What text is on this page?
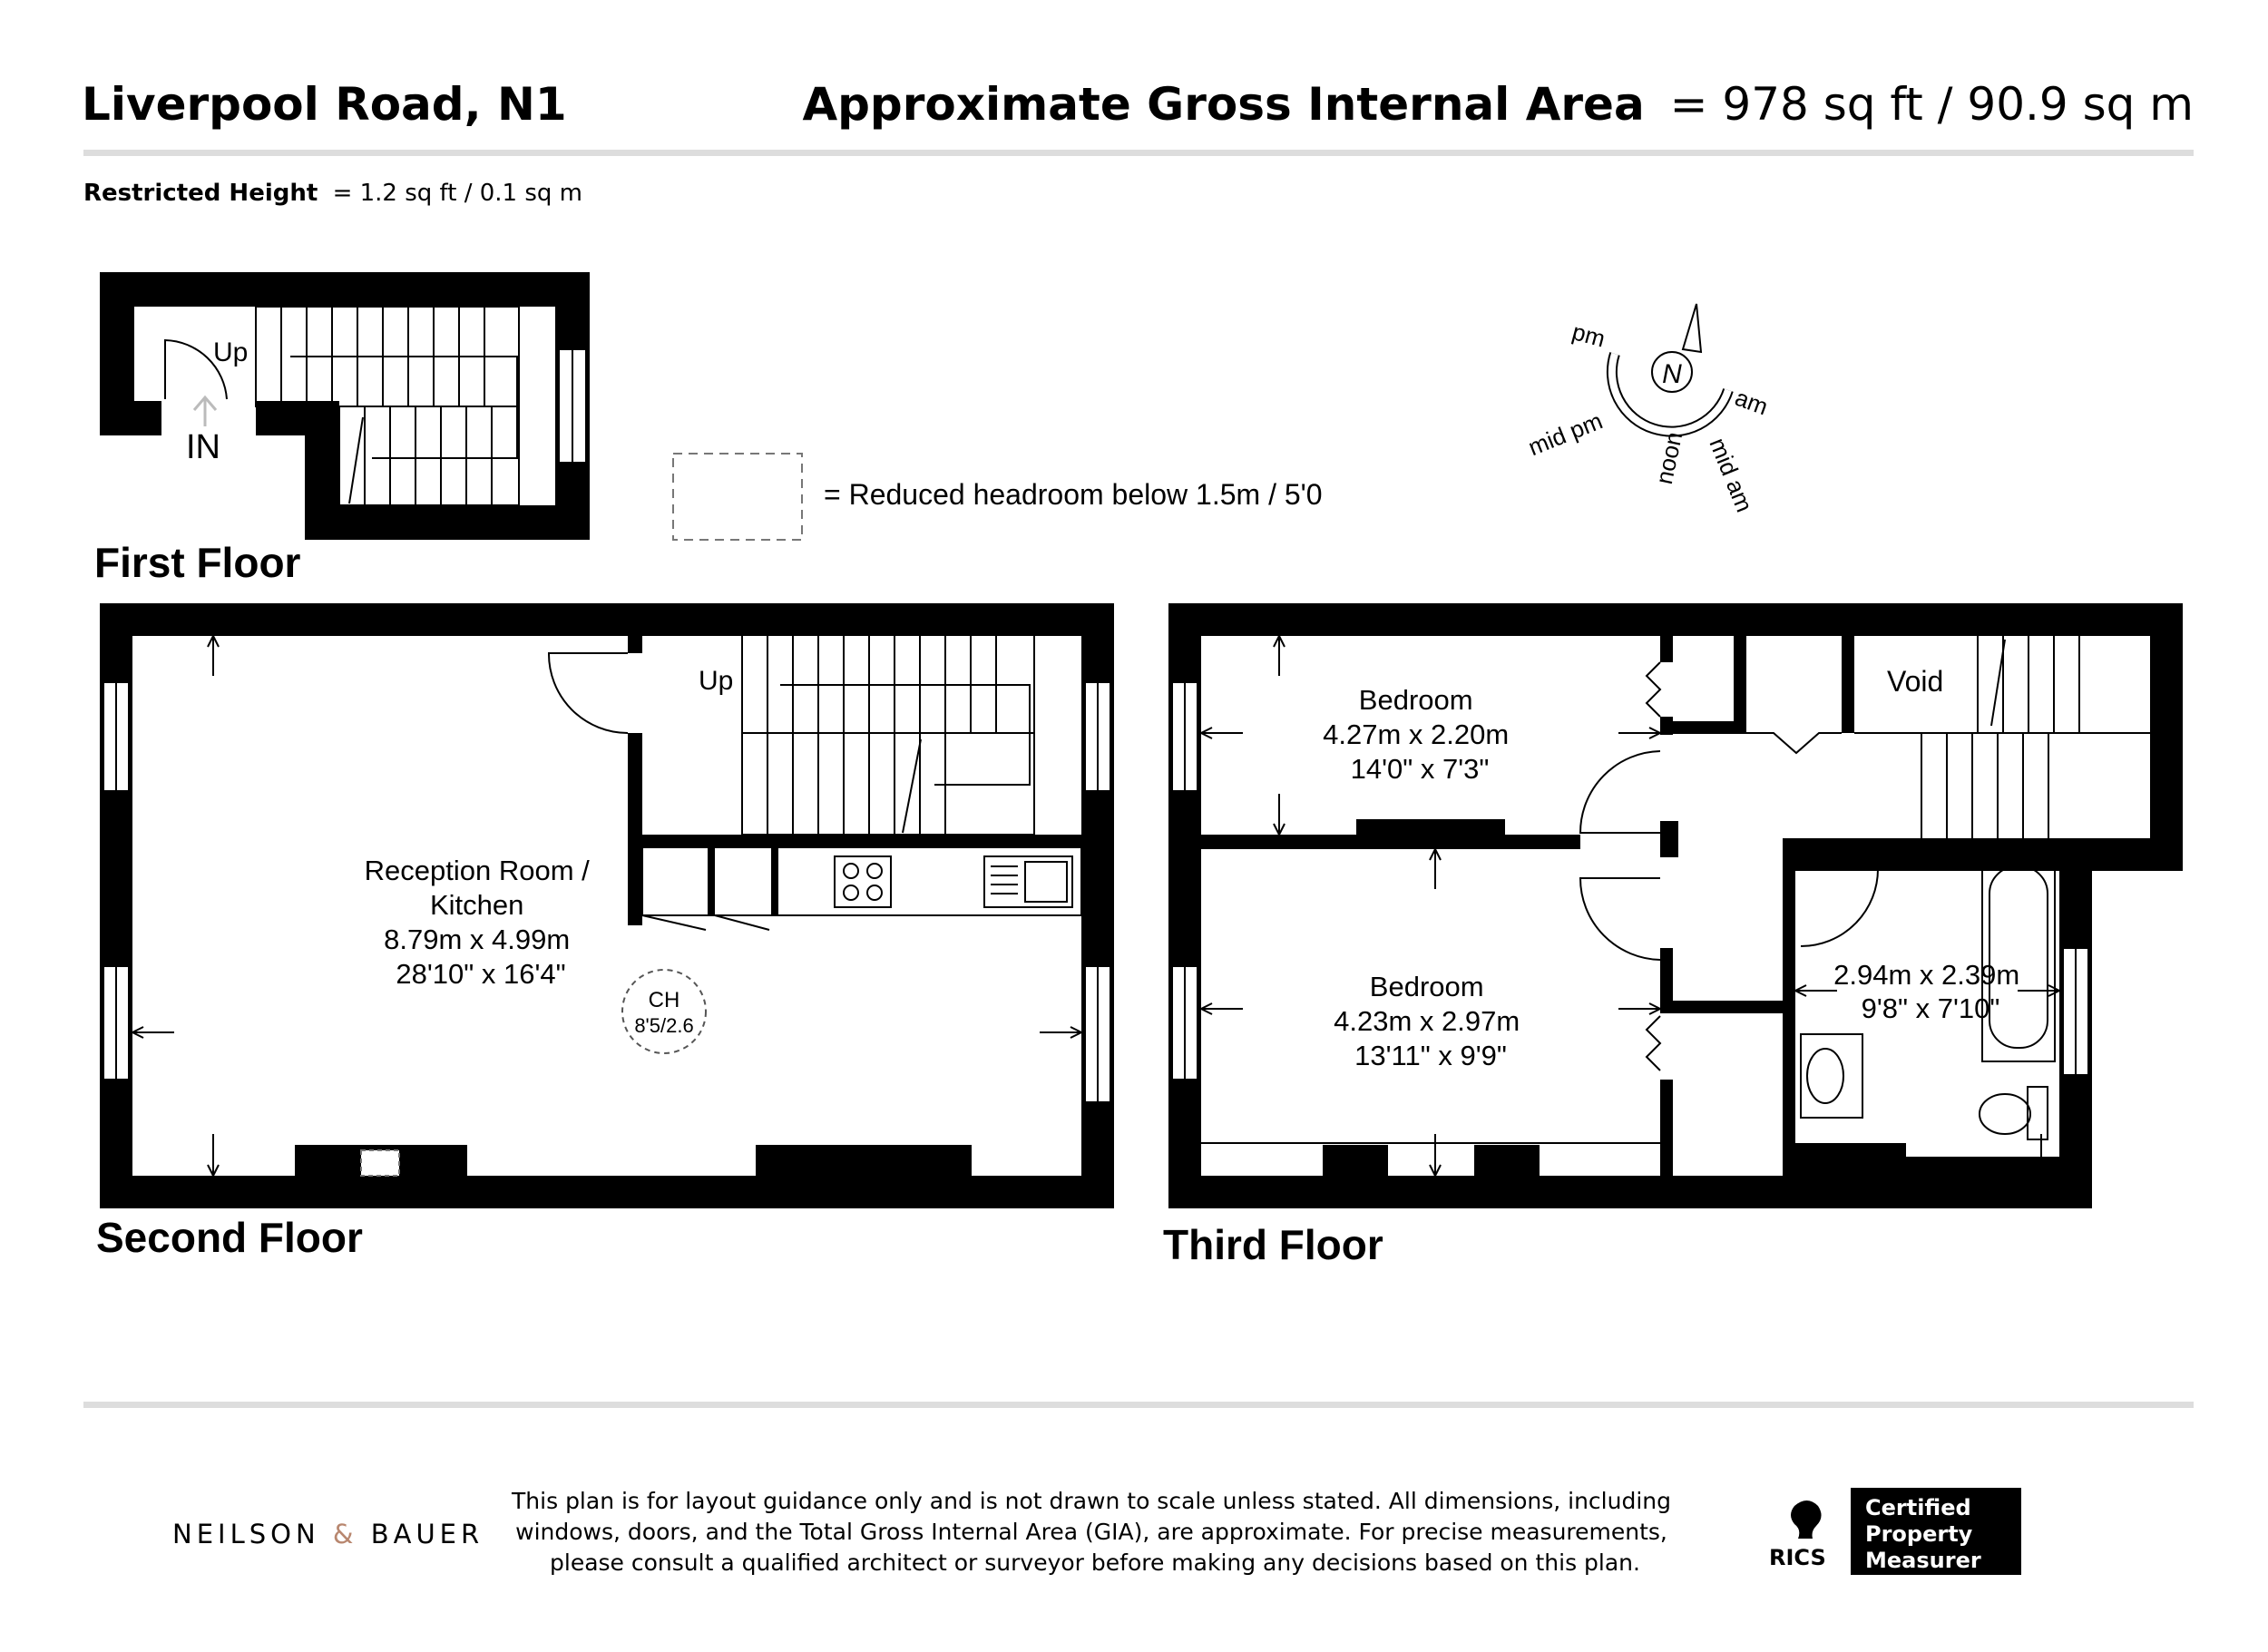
Liverpool Road, N1	Approximate Gross Internal Area = 978 sq ft / 90.9 sq m
Restricted Height = 1.2 sq ft / 0.1 sq m
Up
IN
First Floor
= Reduced headroom below 1.5m / 5'0
N
pm
am
mid pm noon mid am
Up
Reception Room / Kitchen 8.79m x 4.99m 28'10" x 16'4"
CH
8'5/2.6
Second Floor
Void
Bedroom 4.27m x 2.20m 14'0" x 7'3"
Bedroom 4.23m x 2.97m 13'11" x 9'9"
2.94m x 2.39m 9'8" x 7'10"
Third Floor
NEILSON & BAUER
This plan is for layout guidance only and is not drawn to scale unless stated. All dimensions, including windows, doors, and the Total Gross Internal Area (GIA), are approximate. For precise measurements, please consult a qualified architect or surveyor before making any decisions based on this plan.	RICS
Certified Property Measurer
